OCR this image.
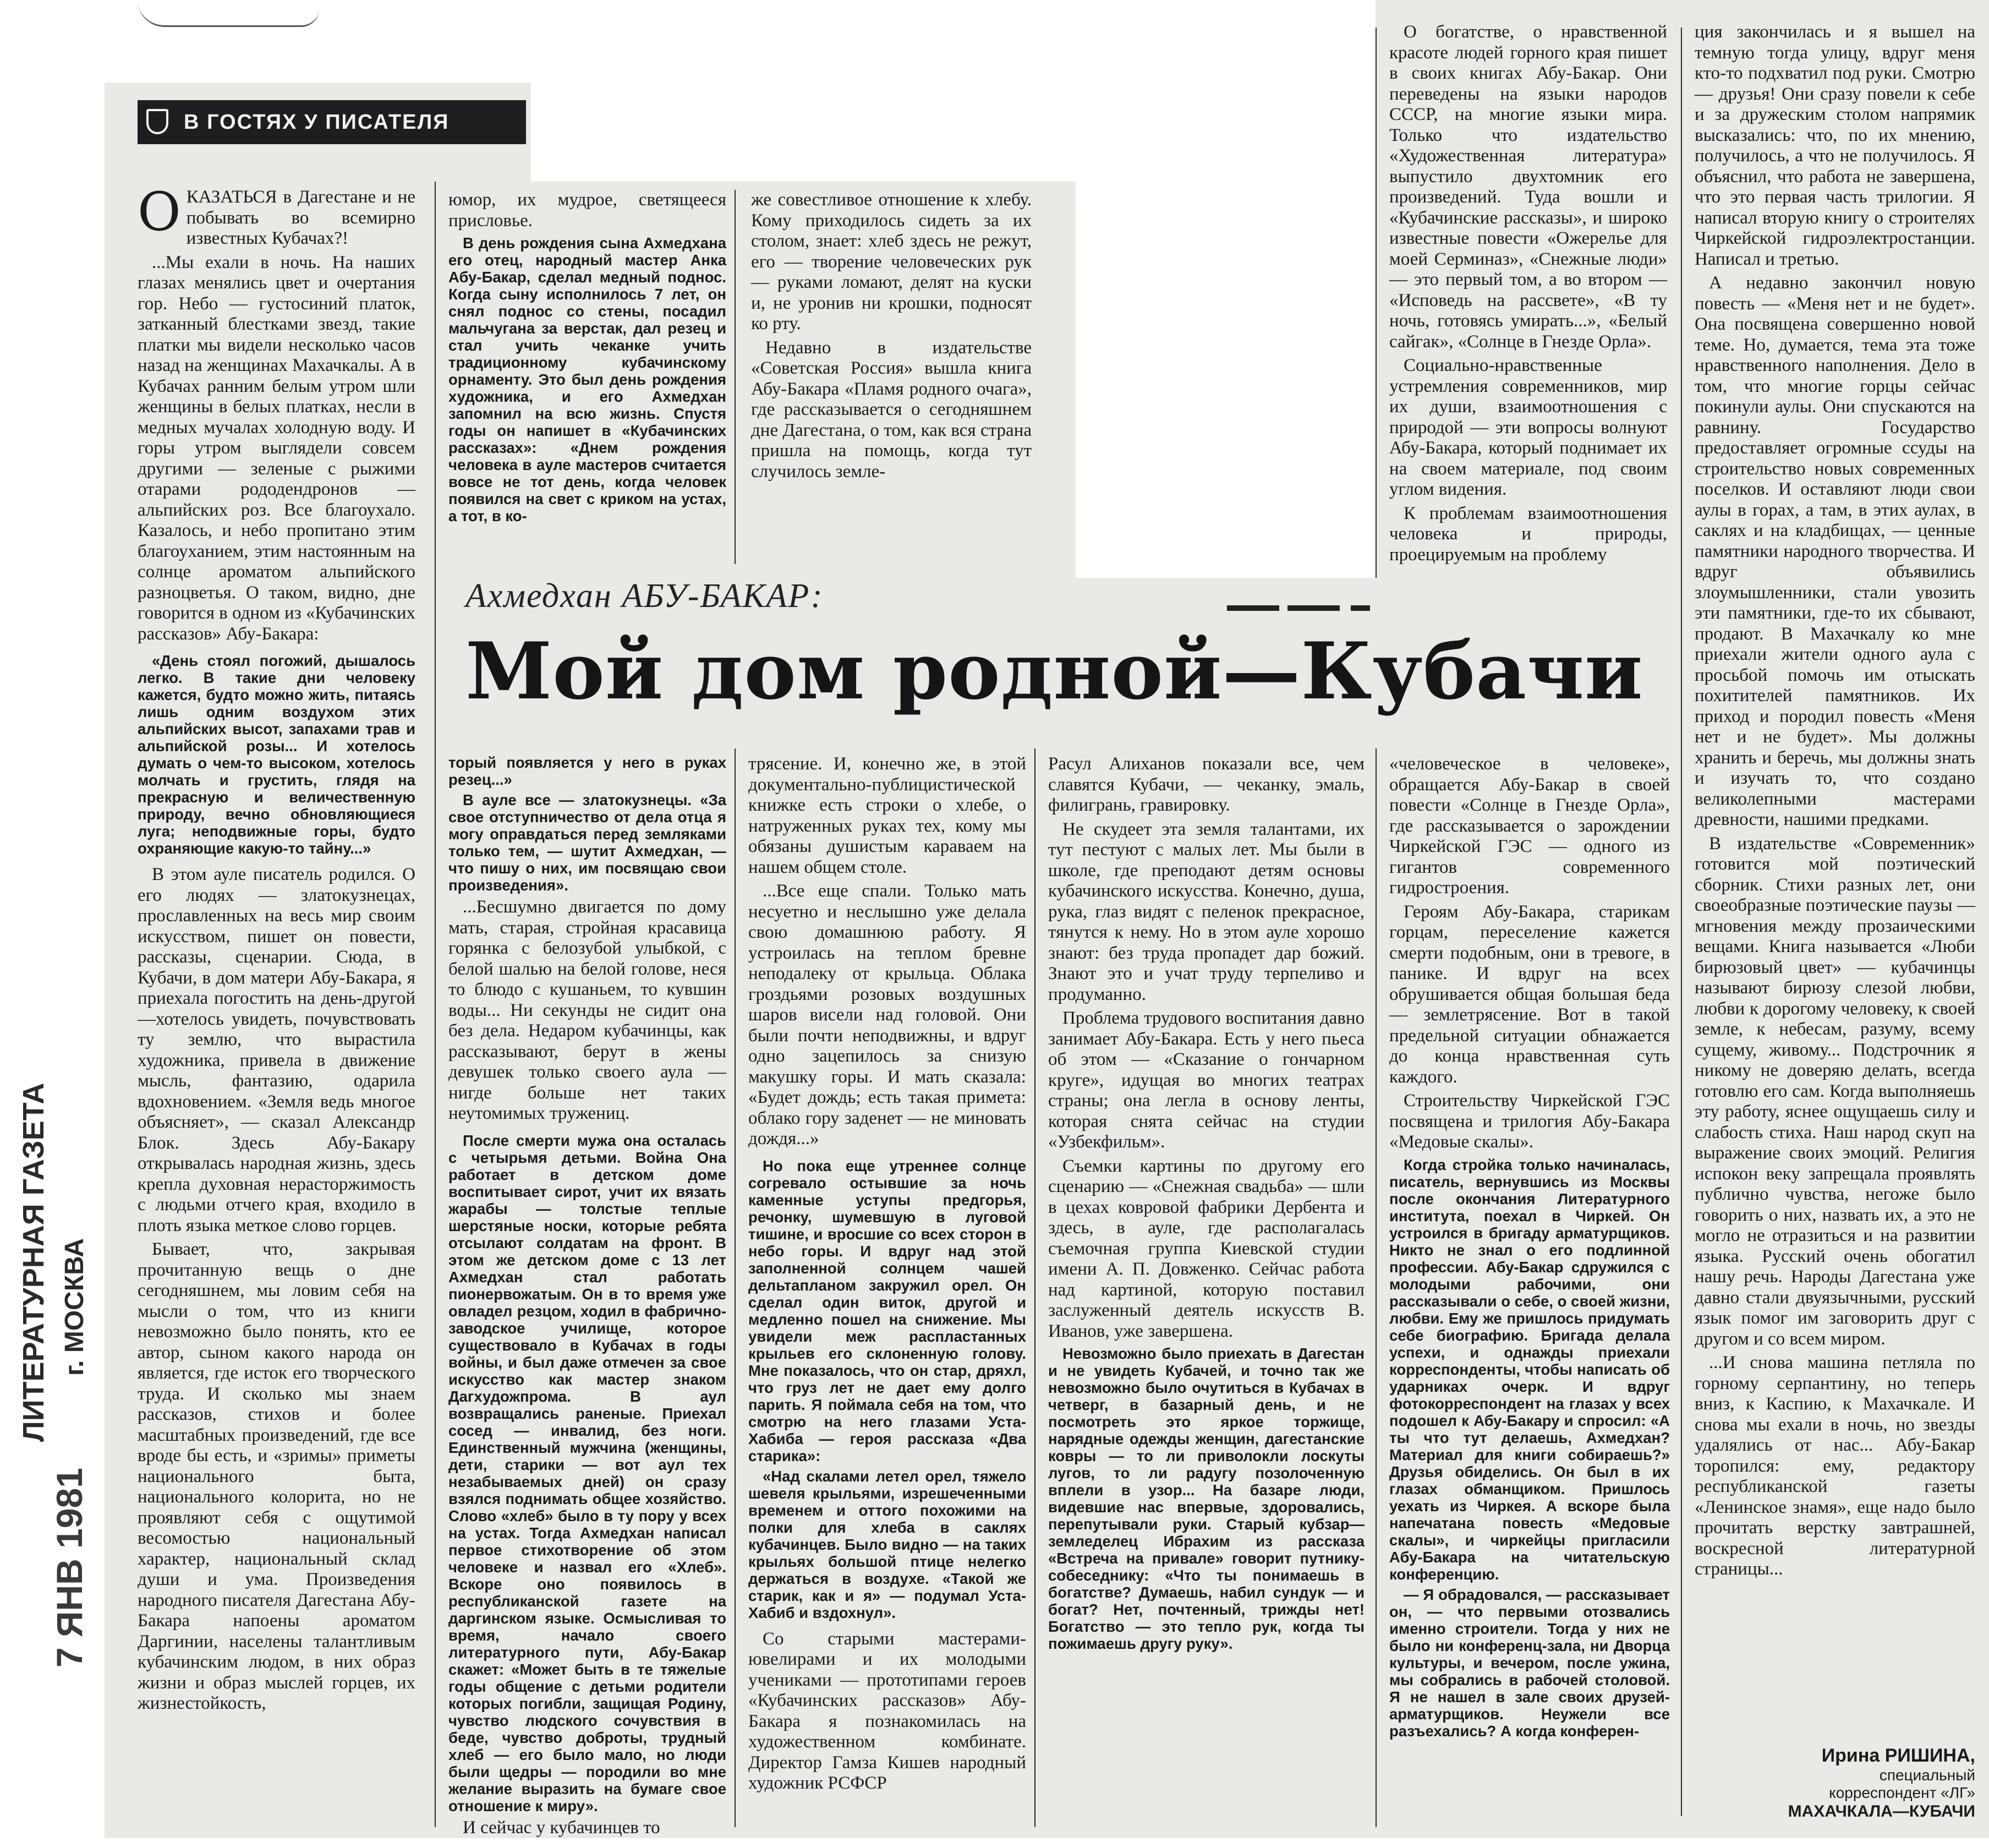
В ГОСТЯХ У ПИСАТЕЛЯ
Ахмедхан АБУ-БАКАР:
Мой дом родной—Кубачи

ОКАЗАТЬСЯ в Дагестане и не побывать во всемирно известных Кубачах?!

...Мы ехали в ночь. На наших глазах менялись цвет и очертания гор. Небо — густосиний платок, затканный блестками звезд, такие платки мы видели несколько часов назад на женщинах Махачкалы. А в Кубачах ранним белым утром шли женщины в белых платках, несли в медных мучалах холодную воду. И горы утром выглядели совсем другими — зеленые с рыжими отарами рододендронов — альпийских роз. Все благоухало. Казалось, и небо пропитано этим благоуханием, этим настоянным на солнце ароматом альпийского разноцветья. О таком, видно, дне говорится в одном из «Кубачинских рассказов» Абу-Бакара:

«День стоял погожий, дышалось легко. В такие дни человеку кажется, будто можно жить, питаясь лишь одним воздухом этих альпийских высот, запахами трав и альпийской розы... И хотелось думать о чем-то высоком, хотелось молчать и грустить, глядя на прекрасную и величественную природу, вечно обновляющиеся луга; неподвижные горы, будто охраняющие какую-то тайну...»

В этом ауле писатель родился. О его людях — златокузнецах, прославленных на весь мир своим искусством, пишет он повести, рассказы, сценарии. Сюда, в Кубачи, в дом матери Абу-Бакара, я приехала погостить на день-другой—хотелось увидеть, почувствовать ту землю, что вырастила художника, привела в движение мысль, фантазию, одарила вдохновением. «Земля ведь многое объясняет», — сказал Александр Блок. Здесь Абу-Бакару открывалась народная жизнь, здесь крепла духовная нерасторжимость с людьми отчего края, входило в плоть языка меткое слово горцев.

Бывает, что, закрывая прочитанную вещь о дне сегодняшнем, мы ловим себя на мысли о том, что из книги невозможно было понять, кто ее автор, сыном какого народа он является, где исток его творческого труда. И сколько мы знаем рассказов, стихов и более масштабных произведений, где все вроде бы есть, и «зримы» приметы национального быта, национального колорита, но не проявляют себя с ощутимой весомостью национальный характер, национальный склад души и ума. Произведения народного писателя Дагестана Абу-Бакара напоены ароматом Даргинии, населены талантливым кубачинским людом, в них образ жизни и образ мыслей горцев, их жизнестойкость,

юмор, их мудрое, светящееся присловье.

В день рождения сына Ахмедхана его отец, народный мастер Анка Абу-Бакар, сделал медный поднос. Когда сыну исполнилось 7 лет, он снял поднос со стены, посадил мальчугана за верстак, дал резец и стал учить чеканке учить традиционному кубачинскому орнаменту. Это был день рождения художника, и его Ахмедхан запомнил на всю жизнь. Спустя годы он напишет в «Кубачинских рассказах»: «Днем рождения человека в ауле мастеров считается вовсе не тот день, когда человек появился на свет с криком на устах, а тот, в ко-

же совестливое отношение к хлебу. Кому приходилось сидеть за их столом, знает: хлеб здесь не режут, его — творение человеческих рук — руками ломают, делят на куски и, не уронив ни крошки, подносят ко рту.

Недавно в издательстве «Советская Россия» вышла книга Абу-Бакара «Пламя родного очага», где рассказывается о сегодняшнем дне Дагестана, о том, как вся страна пришла на помощь, когда тут случилось земле-

О богатстве, о нравственной красоте людей горного края пишет в своих книгах Абу-Бакар. Они переведены на языки народов СССР, на многие языки мира. Только что издательство «Художественная литература» выпустило двухтомник его произведений. Туда вошли и «Кубачинские рассказы», и широко известные повести «Ожерелье для моей Серминаз», «Снежные люди» — это первый том, а во втором — «Исповедь на рассвете», «В ту ночь, готовясь умирать...», «Белый сайгак», «Солнце в Гнезде Орла».

Социально-нравственные устремления современников, мир их души, взаимоотношения с природой — эти вопросы волнуют Абу-Бакара, который поднимает их на своем материале, под своим углом видения.

К проблемам взаимоотношения человека и природы, проецируемым на проблему

торый появляется у него в руках резец...»

В ауле все — златокузнецы. «За свое отступничество от дела отца я могу оправдаться перед земляками только тем, — шутит Ахмедхан, — что пишу о них, им посвящаю свои произведения».

...Бесшумно двигается по дому мать, старая, стройная красавица горянка с белозубой улыбкой, с белой шалью на белой голове, неся то блюдо с кушаньем, то кувшин воды... Ни секунды не сидит она без дела. Недаром кубачинцы, как рассказывают, берут в жены девушек только своего аула — нигде больше нет таких неутомимых тружениц.

После смерти мужа она осталась с четырьмя детьми. Война Она работает в детском доме воспитывает сирот, учит их вязать жарабы — толстые теплые шерстяные носки, которые ребята отсылают солдатам на фронт. В этом же детском доме с 13 лет Ахмедхан стал работать пионервожатым. Он в то время уже овладел резцом, ходил в фабрично-заводское училище, которое существовало в Кубачах в годы войны, и был даже отмечен за свое искусство как мастер знаком Дагхудожпрома. В аул возвращались раненые. Приехал сосед — инвалид, без ноги. Единственный мужчина (женщины, дети, старики — вот аул тех незабываемых дней) он сразу взялся поднимать общее хозяйство. Слово «хлеб» было в ту пору у всех на устах. Тогда Ахмедхан написал первое стихотворение об этом человеке и назвал его «Хлеб». Вскоре оно появилось в республиканской газете на даргинском языке. Осмысливая то время, начало своего литературного пути, Абу-Бакар скажет: «Может быть в те тяжелые годы общение с детьми родители которых погибли, защищая Родину, чувство людского сочувствия в беде, чувство доброты, трудный хлеб — его было мало, но люди были щедры — породили во мне желание выразить на бумаге свое отношение к миру».

И сейчас у кубачинцев то

трясение. И, конечно же, в этой документально-публицистической книжке есть строки о хлебе, о натруженных руках тех, кому мы обязаны душистым караваем на нашем общем столе.

...Все еще спали. Только мать несуетно и неслышно уже делала свою домашнюю работу. Я устроилась на теплом бревне неподалеку от крыльца. Облака гроздьями розовых воздушных шаров висели над головой. Они были почти неподвижны, и вдруг одно зацепилось за снизую макушку горы. И мать сказала: «Будет дождь; есть такая примета: облако гору заденет — не миновать дождя...»

Но пока еще утреннее солнце согревало остывшие за ночь каменные уступы предгорья, речонку, шумевшую в луговой тишине, и вросшие со всех сторон в небо горы. И вдруг над этой заполненной солнцем чашей дельтапланом закружил орел. Он сделал один виток, другой и медленно пошел на снижение. Мы увидели меж распластанных крыльев его склоненную голову. Мне показалось, что он стар, дряхл, что груз лет не дает ему долго парить. Я поймала себя на том, что смотрю на него глазами Уста-Хабиба — героя рассказа «Два старика»:

«Над скалами летел орел, тяжело шевеля крыльями, изрешеченными временем и оттого похожими на полки для хлеба в саклях кубачинцев. Было видно — на таких крыльях большой птице нелегко держаться в воздухе. «Такой же старик, как и я» — подумал Уста-Хабиб и вздохнул».

Со старыми мастерами-ювелирами и их молодыми учениками — прототипами героев «Кубачинских рассказов» Абу-Бакара я познакомилась на художественном комбинате. Директор Гамза Кишев народный художник РСФСР

Расул Алиханов показали все, чем славятся Кубачи, — чеканку, эмаль, филигрань, гравировку.

Не скудеет эта земля талантами, их тут пестуют с малых лет. Мы были в школе, где преподают детям основы кубачинского искусства. Конечно, душа, рука, глаз видят с пеленок прекрасное, тянутся к нему. Но в этом ауле хорошо знают: без труда пропадет дар божий. Знают это и учат труду терпеливо и продуманно.

Проблема трудового воспитания давно занимает Абу-Бакара. Есть у него пьеса об этом — «Сказание о гончарном круге», идущая во многих театрах страны; она легла в основу ленты, которая снята сейчас на студии «Узбекфильм».

Съемки картины по другому его сценарию — «Снежная свадьба» — шли в цехах ковровой фабрики Дербента и здесь, в ауле, где располагалась съемочная группа Киевской студии имени А. П. Довженко. Сейчас работа над картиной, которую поставил заслуженный деятель искусств В. Иванов, уже завершена.

Невозможно было приехать в Дагестан и не увидеть Кубачей, и точно так же невозможно было очутиться в Кубачах в четверг, в базарный день, и не посмотреть это яркое торжище, нарядные одежды женщин, дагестанские ковры — то ли приволокли лоскуты лугов, то ли радугу позолоченную вплели в узор... На базаре люди, видевшие нас впервые, здоровались, перепутывали руки. Старый кубзар—земледелец Ибрахим из рассказа «Встреча на привале» говорит путнику-собеседнику: «Что ты понимаешь в богатстве? Думаешь, набил сундук — и богат? Нет, почтенный, трижды нет! Богатство — это тепло рук, когда ты пожимаешь другу руку».

«человеческое в человеке», обращается Абу-Бакар в своей повести «Солнце в Гнезде Орла», где рассказывается о зарождении Чиркейской ГЭС — одного из гигантов современного гидростроения.

Героям Абу-Бакара, старикам горцам, переселение кажется смерти подобным, они в тревоге, в панике. И вдруг на всех обрушивается общая большая беда — землетрясение. Вот в такой предельной ситуации обнажается до конца нравственная суть каждого.

Строительству Чиркейской ГЭС посвящена и трилогия Абу-Бакара «Медовые скалы».

Когда стройка только начиналась, писатель, вернувшись из Москвы после окончания Литературного института, поехал в Чиркей. Он устроился в бригаду арматурщиков. Никто не знал о его подлинной профессии. Абу-Бакар сдружился с молодыми рабочими, они рассказывали о себе, о своей жизни, любви. Ему же пришлось придумать себе биографию. Бригада делала успехи, и однажды приехали корреспонденты, чтобы написать об ударниках очерк. И вдруг фотокорреспондент на глазах у всех подошел к Абу-Бакару и спросил: «А ты что тут делаешь, Ахмедхан? Материал для книги собираешь?» Друзья обиделись. Он был в их глазах обманщиком. Пришлось уехать из Чиркея. А вскоре была напечатана повесть «Медовые скалы», и чиркейцы пригласили Абу-Бакара на читательскую конференцию.

— Я обрадовался, — рассказывает он, — что первыми отозвались именно строители. Тогда у них не было ни конференц-зала, ни Дворца культуры, и вечером, после ужина, мы собрались в рабочей столовой. Я не нашел в зале своих друзей-арматурщиков. Неужели все разъехались? А когда конферен-

ция закончилась и я вышел на темную тогда улицу, вдруг меня кто-то подхватил под руки. Смотрю — друзья! Они сразу повели к себе и за дружеским столом напрямик высказались: что, по их мнению, получилось, а что не получилось. Я объяснил, что работа не завершена, что это первая часть трилогии. Я написал вторую книгу о строителях Чиркейской гидроэлектростанции. Написал и третью.

А недавно закончил новую повесть — «Меня нет и не будет». Она посвящена совершенно новой теме. Но, думается, тема эта тоже нравственного наполнения. Дело в том, что многие горцы сейчас покинули аулы. Они спускаются на равнину. Государство предоставляет огромные ссуды на строительство новых современных поселков. И оставляют люди свои аулы в горах, а там, в этих аулах, в саклях и на кладбищах, — ценные памятники народного творчества. И вдруг объявились злоумышленники, стали увозить эти памятники, где-то их сбывают, продают. В Махачкалу ко мне приехали жители одного аула с просьбой помочь им отыскать похитителей памятников. Их приход и породил повесть «Меня нет и не будет». Мы должны хранить и беречь, мы должны знать и изучать то, что создано великолепными мастерами древности, нашими предками.

В издательстве «Современник» готовится мой поэтический сборник. Стихи разных лет, они своеобразные поэтические паузы — мгновения между прозаическими вещами. Книга называется «Люби бирюзовый цвет» — кубачинцы называют бирюзу слезой любви, любви к дорогому человеку, к своей земле, к небесам, разуму, всему сущему, живому... Подстрочник я никому не доверяю делать, всегда готовлю его сам. Когда выполняешь эту работу, яснее ощущаешь силу и слабость стиха. Наш народ скуп на выражение своих эмоций. Религия испокон веку запрещала проявлять публично чувства, негоже было говорить о них, назвать их, а это не могло не отразиться и на развитии языка. Русский очень обогатил нашу речь. Народы Дагестана уже давно стали двуязычными, русский язык помог им заговорить друг с другом и со всем миром.

...И снова машина петляла по горному серпантину, но теперь вниз, к Каспию, к Махачкале. И снова мы ехали в ночь, но звезды удалялись от нас... Абу-Бакар торопился: ему, редактору республиканской газеты «Ленинское знамя», еще надо было прочитать верстку завтрашней, воскресной литературной страницы...

Ирина РИШИНА,
специальный
корреспондент «ЛГ»
МАХАЧКАЛА—КУБАЧИ
ЛИТЕРАТУРНАЯ ГАЗЕТА г. МОСКВА
7 ЯНВ 1981
